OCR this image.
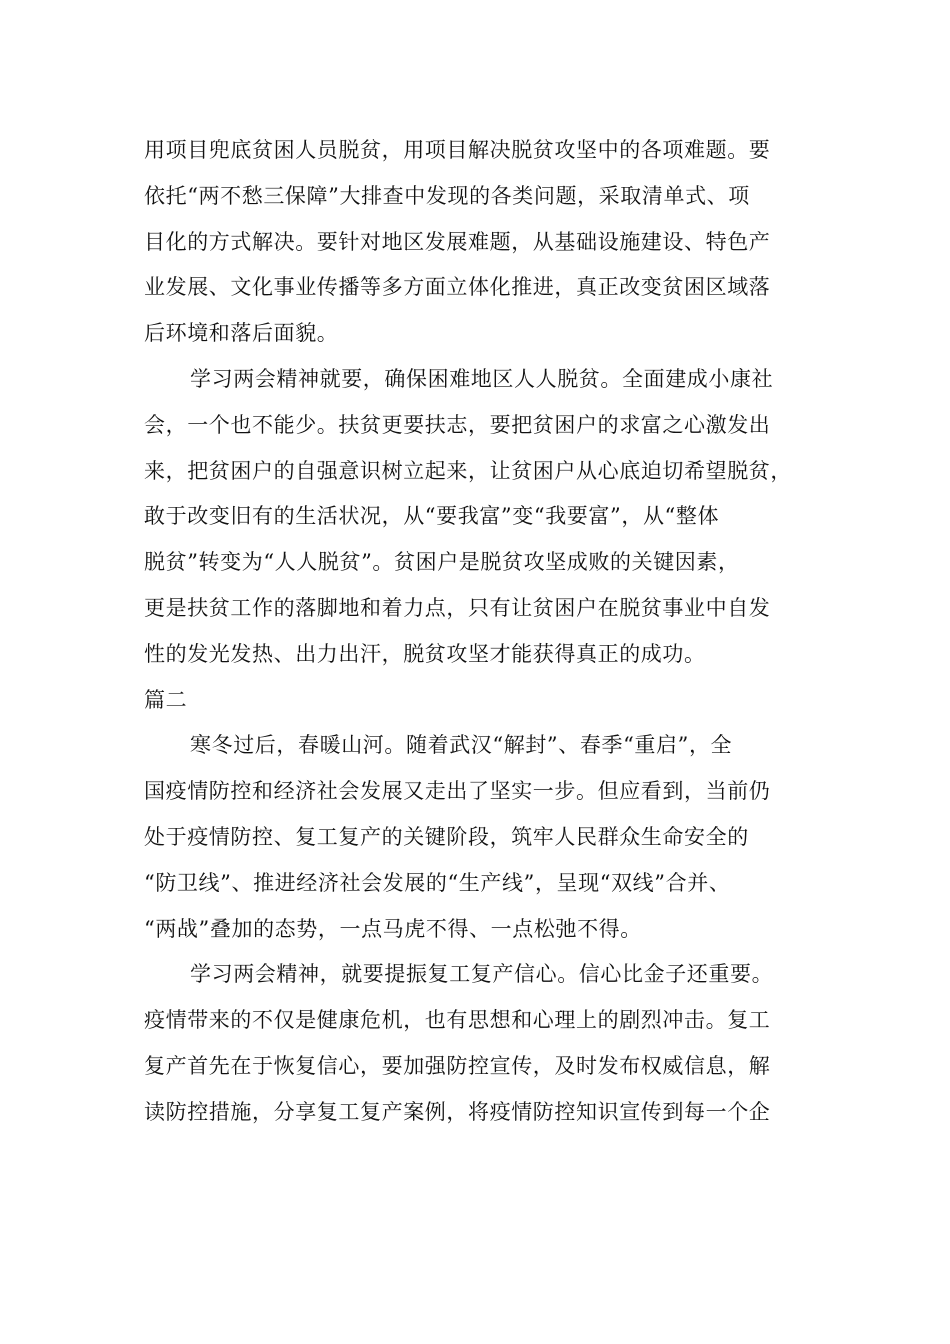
用项目兜底贫困人员脱贫，用项目解决脱贫攻坚中的各项难题。要
依托“两不愁三保障”大排查中发现的各类问题，采取清单式、项
目化的方式解决。要针对地区发展难题，从基础设施建设、特色产
业发展、文化事业传播等多方面立体化推进，真正改变贫困区域落
后环境和落后面貌。
学习两会精神就要，确保困难地区人人脱贫。全面建成小康社
会，一个也不能少。扶贫更要扶志，要把贫困户的求富之心激发出
来，把贫困户的自强意识树立起来，让贫困户从心底迫切希望脱贫，
敢于改变旧有的生活状况，从“要我富”变“我要富”，从“整体
脱贫”转变为“人人脱贫”。贫困户是脱贫攻坚成败的关键因素，
更是扶贫工作的落脚地和着力点，只有让贫困户在脱贫事业中自发
性的发光发热、出力出汗，脱贫攻坚才能获得真正的成功。
篇二
寒冬过后，春暖山河。随着武汉“解封”、春季“重启”，全
国疫情防控和经济社会发展又走出了坚实一步。但应看到，当前仍
处于疫情防控、复工复产的关键阶段，筑牢人民群众生命安全的
“防卫线”、推进经济社会发展的“生产线”，呈现“双线”合并、
“两战”叠加的态势，一点马虎不得、一点松弛不得。
学习两会精神，就要提振复工复产信心。信心比金子还重要。
疫情带来的不仅是健康危机，也有思想和心理上的剧烈冲击。复工
复产首先在于恢复信心，要加强防控宣传，及时发布权威信息，解
读防控措施，分享复工复产案例，将疫情防控知识宣传到每一个企
